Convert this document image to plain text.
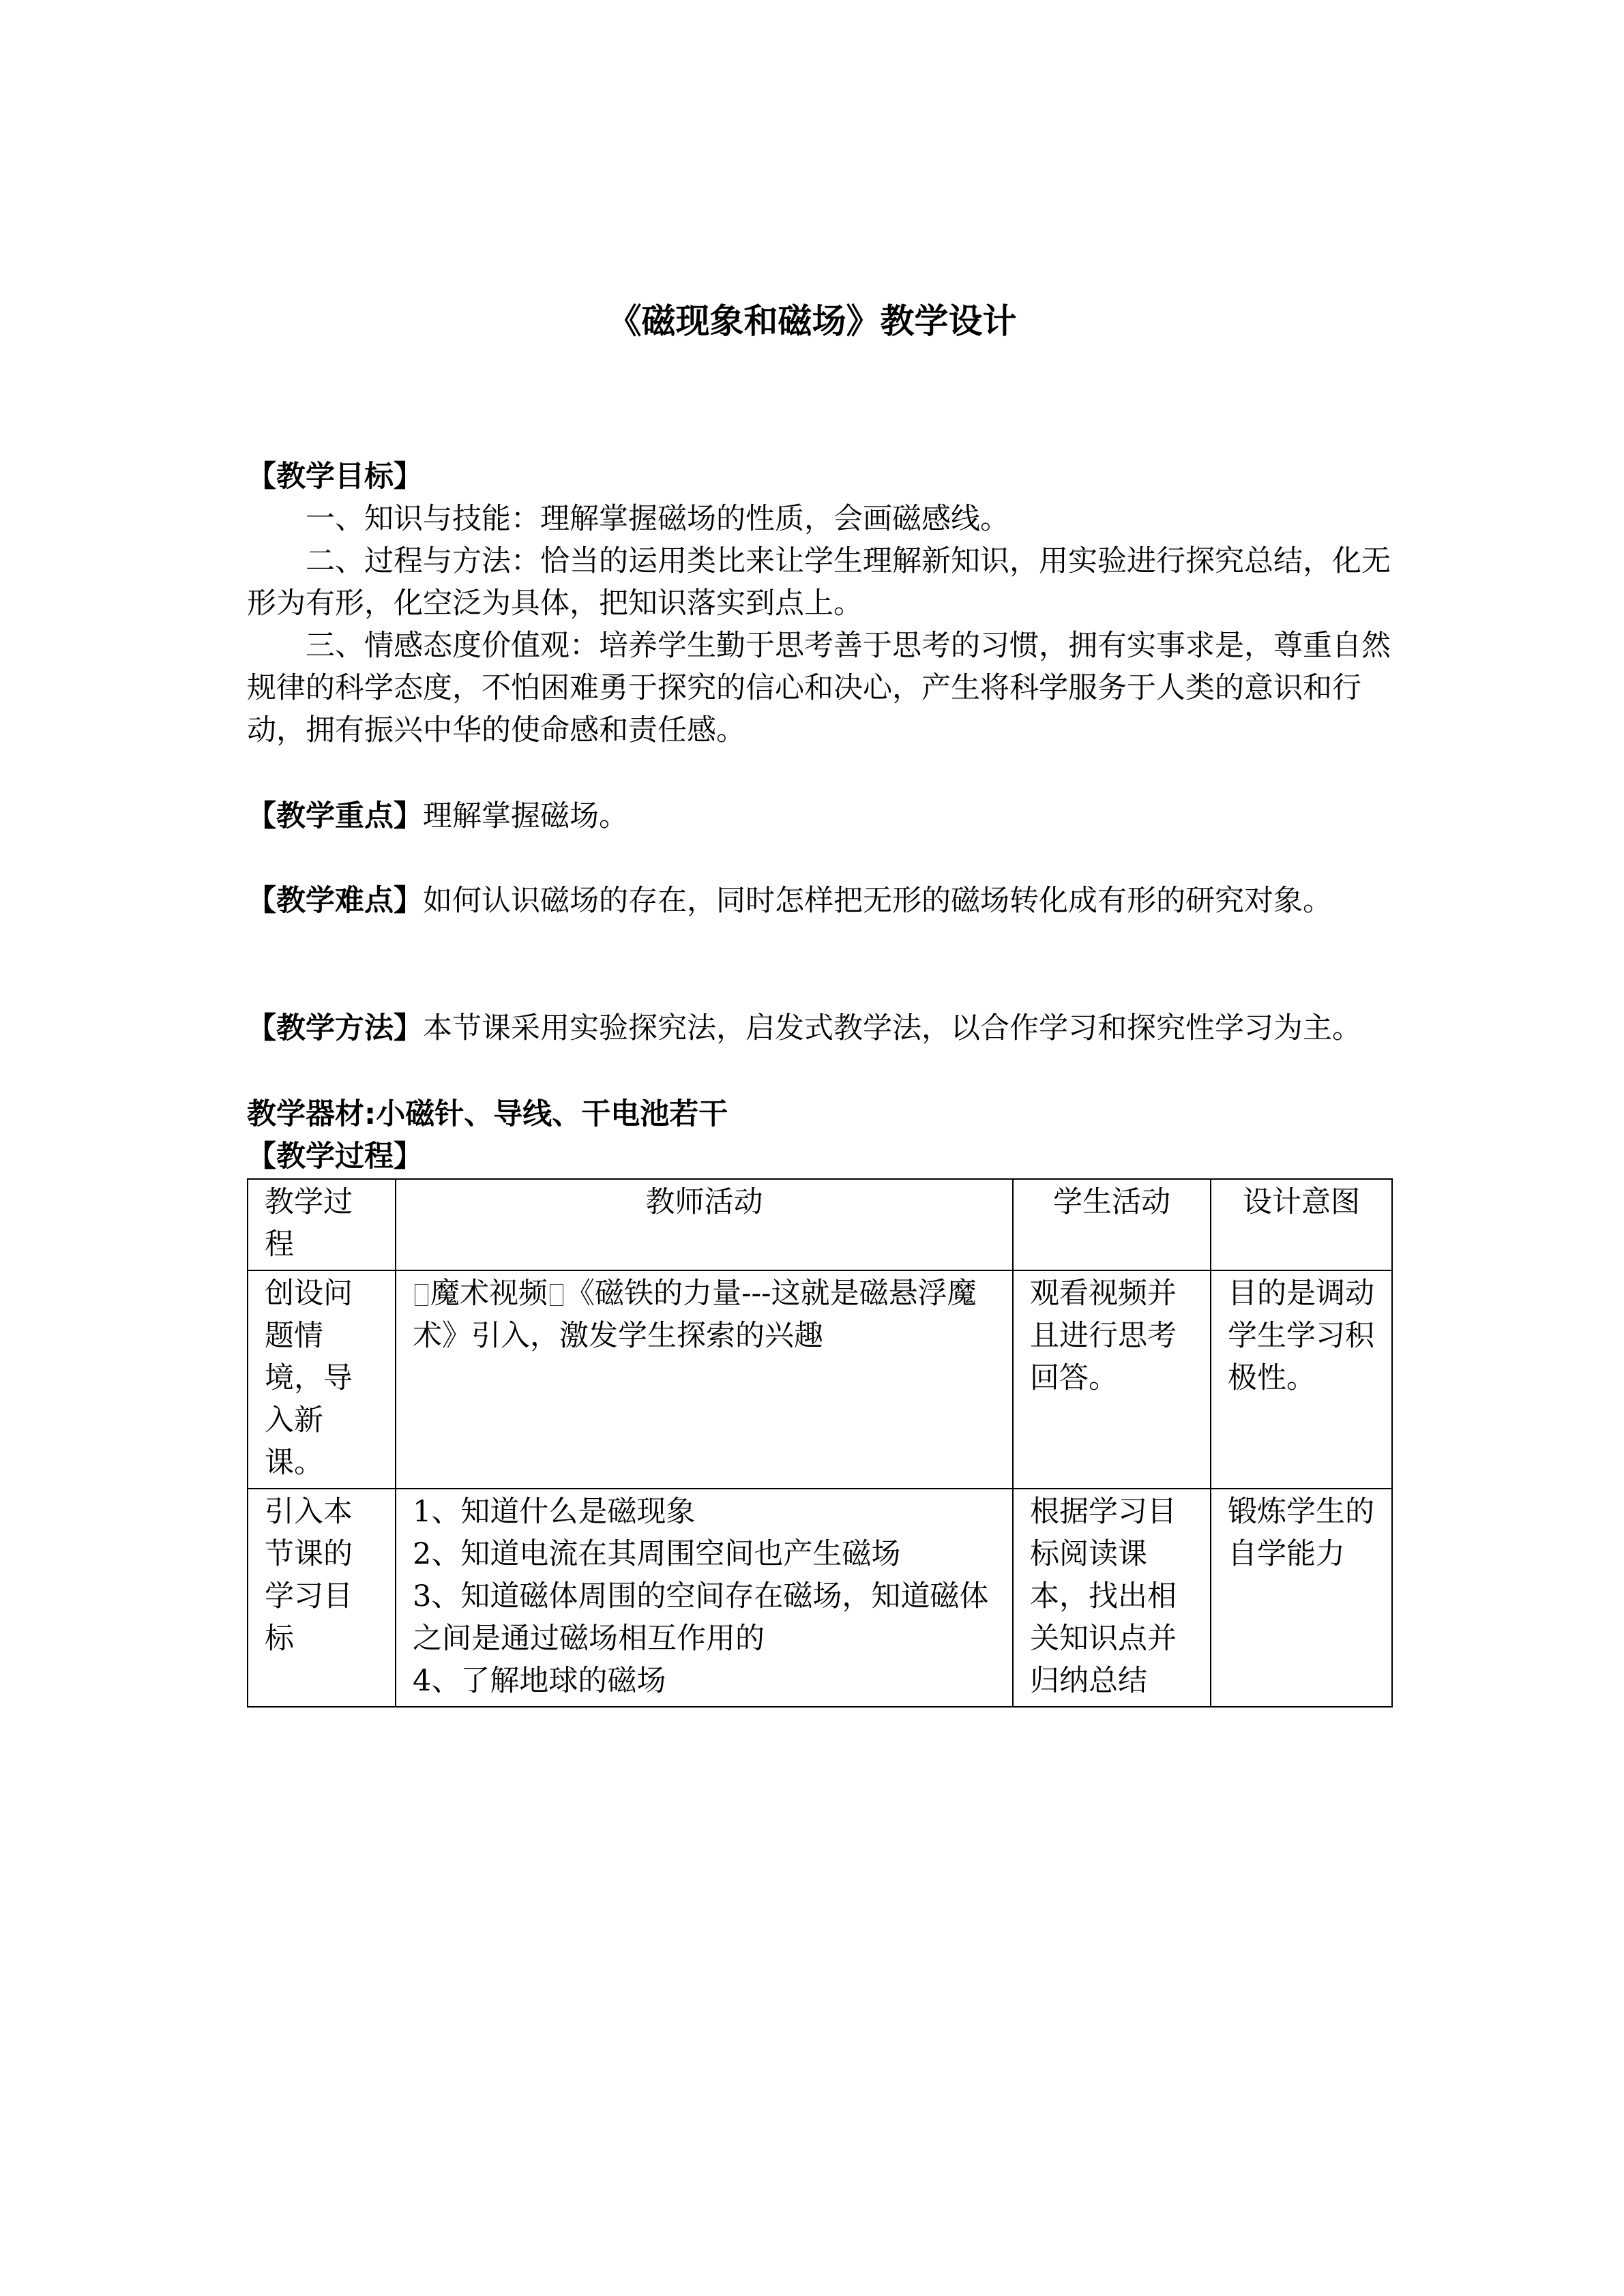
《磁现象和磁场》教学设计

【教学目标】

一、知识与技能：理解掌握磁场的性质，会画磁感线。

二、过程与方法：恰当的运用类比来让学生理解新知识，用实验进行探究总结，化无形为有形，化空泛为具体，把知识落实到点上。

三、情感态度价值观：培养学生勤于思考善于思考的习惯，拥有实事求是，尊重自然规律的科学态度，不怕困难勇于探究的信心和决心，产生将科学服务于人类的意识和行动，拥有振兴中华的使命感和责任感。

【教学重点】理解掌握磁场。

【教学难点】如何认识磁场的存在，同时怎样把无形的磁场转化成有形的研究对象。

【教学方法】本节课采用实验探究法，启发式教学法，以合作学习和探究性学习为主。

教学器材:小磁针、导线、干电池若干
【教学过程】
教学过程	教师活动	学生活动	设计意图
创设问题情境，导入新课。	魔术视频 《磁铁的力量---这就是磁悬浮魔术》引入，激发学生探索的兴趣	观看视频并且进行思考回答。	目的是调动学生学习积极性。
引入本节课的学习目标	1、知道什么是磁现象
2、知道电流在其周围空间也产生磁场
3、知道磁体周围的空间存在磁场，知道磁体之间是通过磁场相互作用的
4、了解地球的磁场	根据学习目标阅读课本，找出相关知识点并归纳总结	锻炼学生的自学能力
